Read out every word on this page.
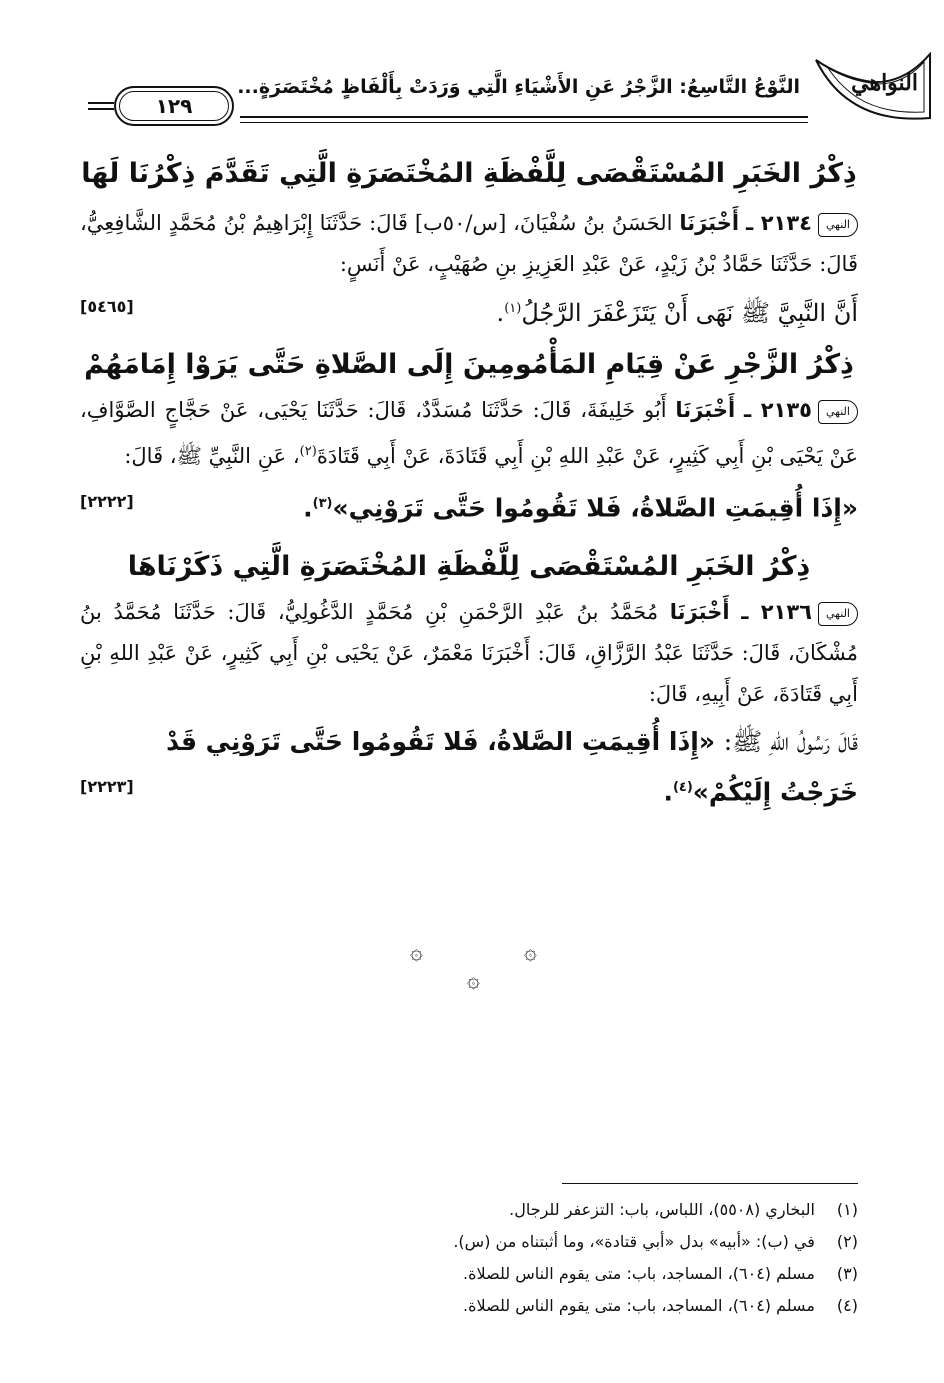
النواهي
النَّوْعُ التَّاسِعُ: الزَّجْرُ عَنِ الأَشْيَاءِ الَّتِي وَرَدَتْ بِأَلْفَاظٍ مُخْتَصَرَةٍ...
١٢٩
ذِكْرُ الخَبَرِ المُسْتَقْصَى لِلَّفْظَةِ المُخْتَصَرَةِ الَّتِي تَقَدَّمَ ذِكْرُنَا لَهَا

النهي٢١٣٤ ـ أَخْبَرَنَا الحَسَنُ بنُ سُفْيَانَ، [س/٥٠ب] قَالَ: حَدَّثَنَا إِبْرَاهِيمُ بْنُ مُحَمَّدٍ الشَّافِعِيُّ، قَالَ: حَدَّثَنَا حَمَّادُ بْنُ زَيْدٍ، عَنْ عَبْدِ العَزِيزِ بنِ صُهَيْبٍ، عَنْ أَنَسٍ:

أَنَّ النَّبِيَّ ﷺ نَهَى أَنْ يَتَزَعْفَرَ الرَّجُلُ$^{(١)}$.
[٥٤٦٥]

ذِكْرُ الزَّجْرِ عَنْ قِيَامِ المَأْمُومِينَ إِلَى الصَّلاةِ حَتَّى يَرَوْا إِمَامَهُمْ

النهي٢١٣٥ ـ أَخْبَرَنَا أَبُو خَلِيفَةَ، قَالَ: حَدَّثَنَا مُسَدَّدٌ، قَالَ: حَدَّثَنَا يَحْيَى، عَنْ حَجَّاجٍ الصَّوَّافِ، عَنْ يَحْيَى بْنِ أَبِي كَثِيرٍ، عَنْ عَبْدِ اللهِ بْنِ أَبِي قَتَادَةَ، عَنْ أَبِي قَتَادَةَ$^{(٢)}$، عَنِ النَّبِيِّ ﷺ، قَالَ:

«إِذَا أُقِيمَتِ الصَّلاةُ، فَلا تَقُومُوا حَتَّى تَرَوْنِي»$^{(٣)}$.
[٢٢٢٢]

ذِكْرُ الخَبَرِ المُسْتَقْصَى لِلَّفْظَةِ المُخْتَصَرَةِ الَّتِي ذَكَرْنَاهَا

النهي٢١٣٦ ـ أَخْبَرَنَا مُحَمَّدُ بنُ عَبْدِ الرَّحْمَنِ بْنِ مُحَمَّدٍ الدَّغُولِيُّ، قَالَ: حَدَّثَنَا مُحَمَّدُ بنُ مُشْكَانَ، قَالَ: حَدَّثَنَا عَبْدُ الرَّزَّاقِ، قَالَ: أَخْبَرَنَا مَعْمَرٌ، عَنْ يَحْيَى بْنِ أَبِي كَثِيرٍ، عَنْ عَبْدِ اللهِ بْنِ أَبِي قَتَادَةَ، عَنْ أَبِيهِ، قَالَ:

قَالَ رَسُولُ اللهِ ﷺ: «إِذَا أُقِيمَتِ الصَّلاةُ، فَلا تَقُومُوا حَتَّى تَرَوْنِي قَدْ خَرَجْتُ إِلَيْكُمْ»$^{(٤)}$.
[٢٢٢٣]

۞	۞
۞
(١) البخاري (٥٥٠٨)، اللباس، باب: التزعفر للرجال.
(٢) في (ب): «أبيه» بدل «أبي قتادة»، وما أثبتناه من (س).
(٣) مسلم (٦٠٤)، المساجد، باب: متى يقوم الناس للصلاة.
(٤) مسلم (٦٠٤)، المساجد، باب: متى يقوم الناس للصلاة.
